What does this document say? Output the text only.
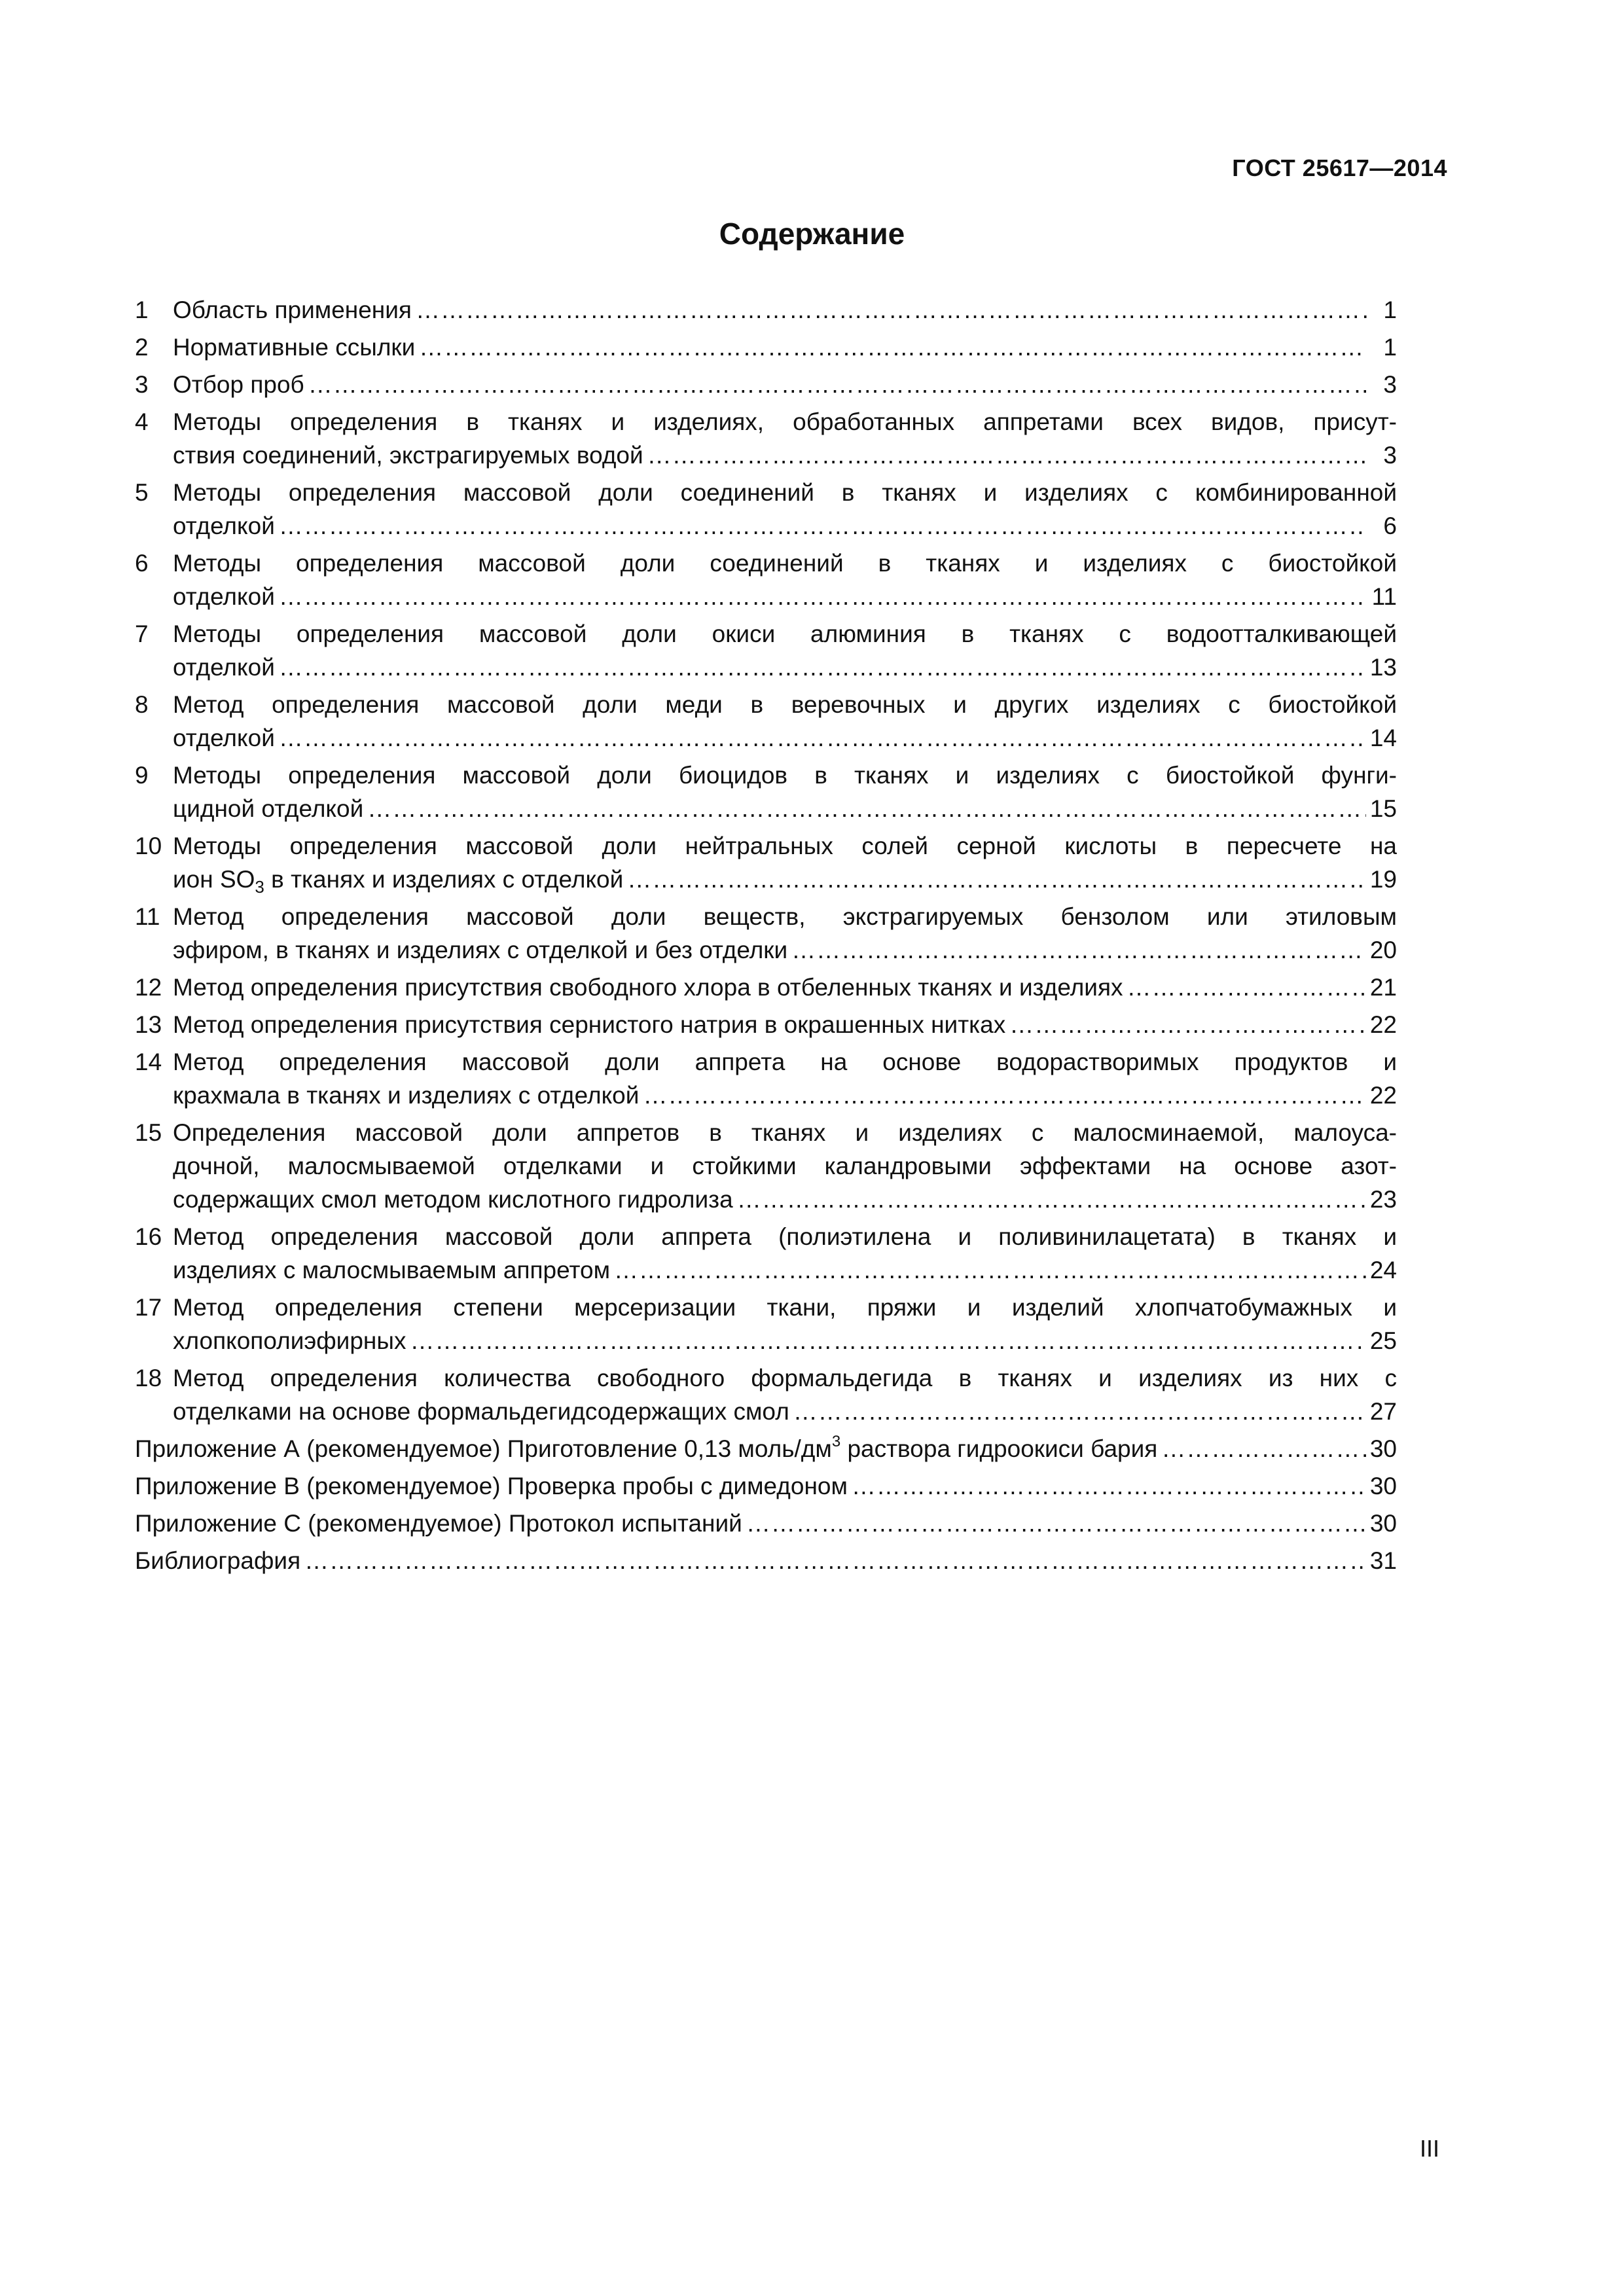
ГОСТ 25617—2014
Содержание
1	Область применения …………………………………………………………………………………………………………………………………………………………………………………………………………………………………	1
2	Нормативные ссылки …………………………………………………………………………………………………………………………………………………………………………………………………………………………………	1
3	Отбор проб …………………………………………………………………………………………………………………………………………………………………………………………………………………………………	3
4	Методы определения в тканях и изделиях, обработанных аппретами всех видов, присут-
ствия соединений, экстрагируемых водой …………………………………………………………………………………………………………………………………………………………………………………………………………………………………	3
5	Методы определения массовой доли соединений в тканях и изделиях с комбинированной
отделкой …………………………………………………………………………………………………………………………………………………………………………………………………………………………………	6
6	Методы определения массовой доли соединений в тканях и изделиях с биостойкой
отделкой …………………………………………………………………………………………………………………………………………………………………………………………………………………………………	11
7	Методы определения массовой доли окиси алюминия в тканях с водоотталкивающей
отделкой …………………………………………………………………………………………………………………………………………………………………………………………………………………………………	13
8	Метод определения массовой доли меди в веревочных и других изделиях с биостойкой
отделкой …………………………………………………………………………………………………………………………………………………………………………………………………………………………………	14
9	Методы определения массовой доли биоцидов в тканях и изделиях с биостойкой фунги-
цидной отделкой …………………………………………………………………………………………………………………………………………………………………………………………………………………………………	15
10 Методы определения массовой доли нейтральных солей серной кислоты в пересчете на
ион $SO_3$ в тканях и изделиях с отделкой …………………………………………………………………………………………………………………………………………………………………………………………………………………………………	19
11 Метод определения массовой доли веществ, экстрагируемых бензолом или этиловым
эфиром, в тканях и изделиях с отделкой и без отделки …………………………………………………………………………………………………………………………………………………………………………………………………………………………………	20
12 Метод определения присутствия свободного хлора в отбеленных тканях и изделиях …………………………………………………………………………………………………………………………………………………………………………………………………………………………………	21
13 Метод определения присутствия сернистого натрия в окрашенных нитках …………………………………………………………………………………………………………………………………………………………………………………………………………………………………	22
14 Метод определения массовой доли аппрета на основе водорастворимых продуктов и
крахмала в тканях и изделиях с отделкой …………………………………………………………………………………………………………………………………………………………………………………………………………………………………	22
15 Определения массовой доли аппретов в тканях и изделиях с малосминаемой, малоуса-
дочной, малосмываемой отделками и стойкими каландровыми эффектами на основе азот-
содержащих смол методом кислотного гидролиза …………………………………………………………………………………………………………………………………………………………………………………………………………………………………	23
16 Метод определения массовой доли аппрета (полиэтилена и поливинилацетата) в тканях и
изделиях с малосмываемым аппретом …………………………………………………………………………………………………………………………………………………………………………………………………………………………………	24
17 Метод определения степени мерсеризации ткани, пряжи и изделий хлопчатобумажных и
хлопкополиэфирных …………………………………………………………………………………………………………………………………………………………………………………………………………………………………	25
18 Метод определения количества свободного формальдегида в тканях и изделиях из них с
отделками на основе формальдегидсодержащих смол …………………………………………………………………………………………………………………………………………………………………………………………………………………………………	27
Приложение А (рекомендуемое) Приготовление 0,13 моль/$дм^3$ раствора гидроокиси бария …………………………………………………………………………………………………………………………………………………………………………………………………………………………………	30
Приложение В (рекомендуемое) Проверка пробы с димедоном …………………………………………………………………………………………………………………………………………………………………………………………………………………………………	30
Приложение С (рекомендуемое) Протокол испытаний …………………………………………………………………………………………………………………………………………………………………………………………………………………………………	30
Библиография …………………………………………………………………………………………………………………………………………………………………………………………………………………………………	31
III
